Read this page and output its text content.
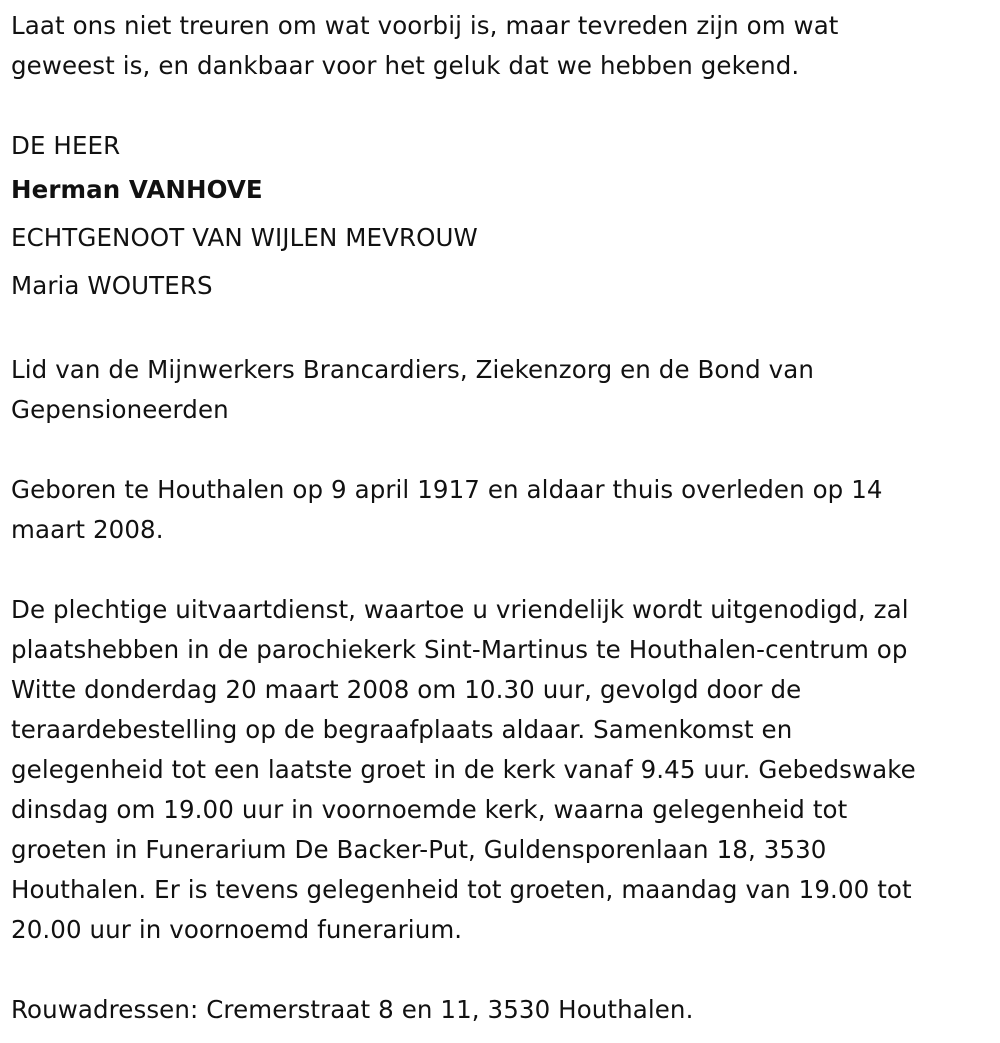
Laat ons niet treuren om wat voorbij is, maar tevreden zijn om wat
geweest is, en dankbaar voor het geluk dat we hebben gekend.

DE HEER
Herman VANHOVE
ECHTGENOOT VAN WIJLEN MEVROUW
Maria WOUTERS

Lid van de Mijnwerkers Brancardiers, Ziekenzorg en de Bond van
Gepensioneerden

Geboren te Houthalen op 9 april 1917 en aldaar thuis overleden op 14
maart 2008.

De plechtige uitvaartdienst, waartoe u vriendelijk wordt uitgenodigd, zal
plaatshebben in de parochiekerk Sint-Martinus te Houthalen-centrum op
Witte donderdag 20 maart 2008 om 10.30 uur, gevolgd door de
teraardebestelling op de begraafplaats aldaar. Samenkomst en
gelegenheid tot een laatste groet in de kerk vanaf 9.45 uur. Gebedswake
dinsdag om 19.00 uur in voornoemde kerk, waarna gelegenheid tot
groeten in Funerarium De Backer-Put, Guldensporenlaan 18, 3530
Houthalen. Er is tevens gelegenheid tot groeten, maandag van 19.00 tot
20.00 uur in voornoemd funerarium.

Rouwadressen: Cremerstraat 8 en 11, 3530 Houthalen.
